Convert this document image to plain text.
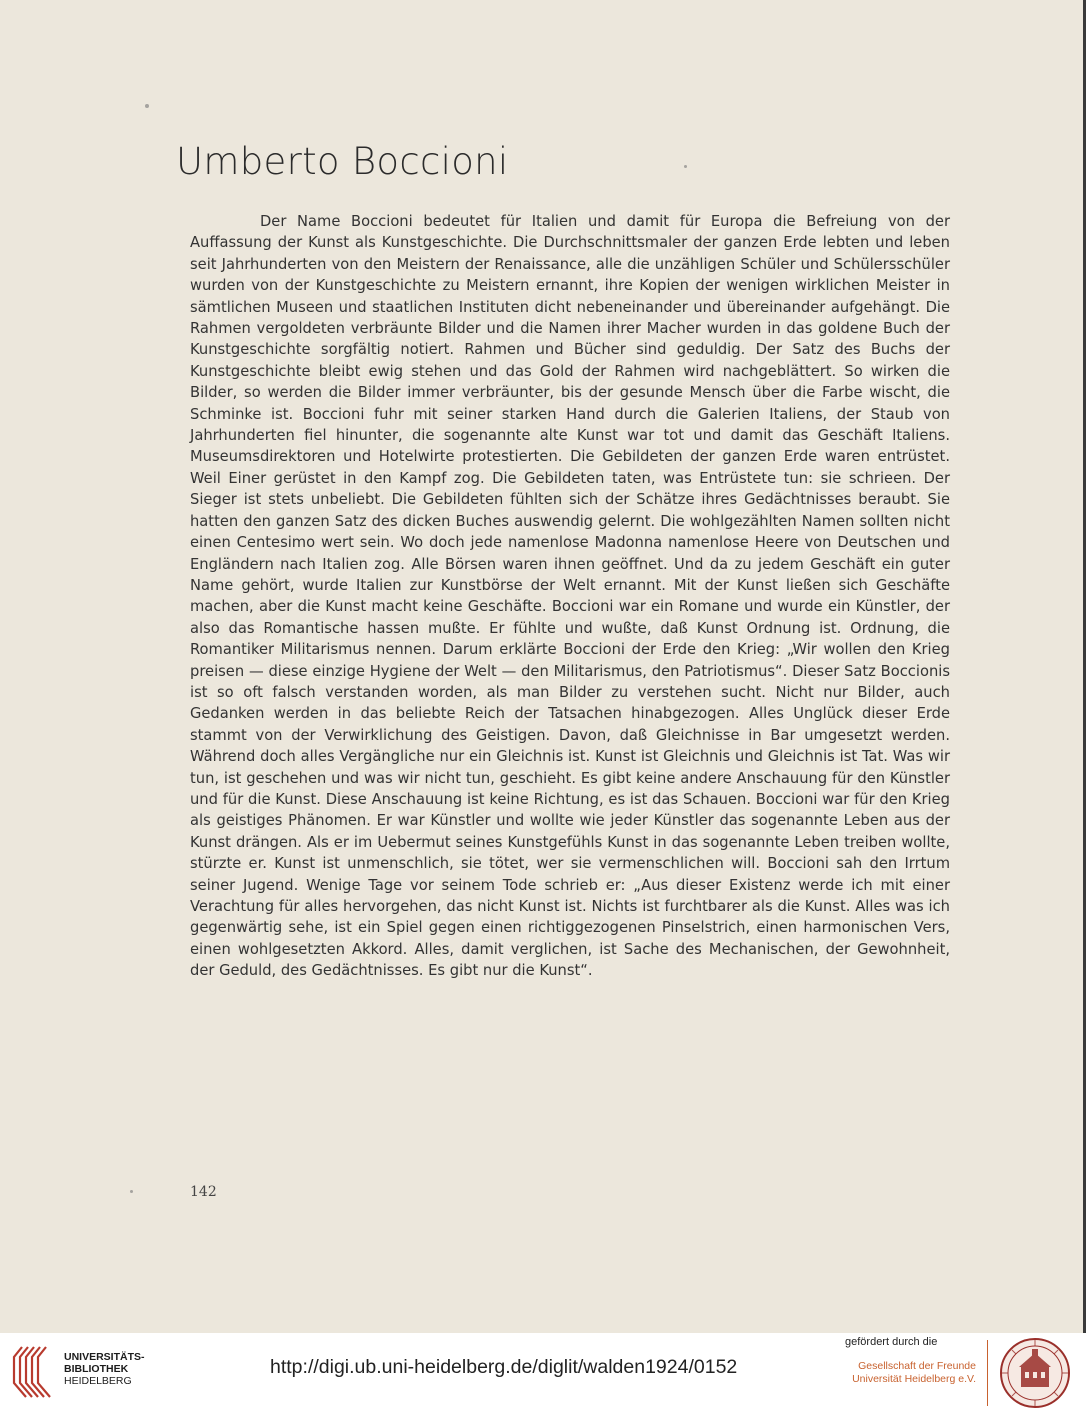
Umberto Boccioni

Der Name Boccioni bedeutet für Italien und damit für Europa die Befreiung von der Auffassung der Kunst als Kunstgeschichte. Die Durchschnittsmaler der ganzen Erde lebten und leben seit Jahrhunderten von den Meistern der Renaissance, alle die unzähligen Schüler und Schülersschüler wurden von der Kunstgeschichte zu Meistern ernannt, ihre Kopien der wenigen wirklichen Meister in sämtlichen Museen und staatlichen Instituten dicht nebeneinander und übereinander aufgehängt. Die Rahmen vergoldeten verbräunte Bilder und die Namen ihrer Macher wurden in das goldene Buch der Kunstgeschichte sorgfältig notiert. Rahmen und Bücher sind geduldig. Der Satz des Buchs der Kunstgeschichte bleibt ewig stehen und das Gold der Rahmen wird nachgeblättert. So wirken die Bilder, so werden die Bilder immer verbräunter, bis der gesunde Mensch über die Farbe wischt, die Schminke ist. Boccioni fuhr mit seiner starken Hand durch die Galerien Italiens, der Staub von Jahrhunderten fiel hinunter, die sogenannte alte Kunst war tot und damit das Geschäft Italiens. Museumsdirektoren und Hotelwirte protestierten. Die Gebildeten der ganzen Erde waren entrüstet. Weil Einer gerüstet in den Kampf zog. Die Gebildeten taten, was Entrüstete tun: sie schrieen. Der Sieger ist stets unbeliebt. Die Gebildeten fühlten sich der Schätze ihres Gedächtnisses beraubt. Sie hatten den ganzen Satz des dicken Buches auswendig gelernt. Die wohlgezählten Namen sollten nicht einen Centesimo wert sein. Wo doch jede namenlose Madonna namenlose Heere von Deutschen und Engländern nach Italien zog. Alle Börsen waren ihnen geöffnet. Und da zu jedem Geschäft ein guter Name gehört, wurde Italien zur Kunstbörse der Welt ernannt. Mit der Kunst ließen sich Geschäfte machen, aber die Kunst macht keine Geschäfte. Boccioni war ein Romane und wurde ein Künstler, der also das Romantische hassen mußte. Er fühlte und wußte, daß Kunst Ordnung ist. Ordnung, die Romantiker Militarismus nennen. Darum erklärte Boccioni der Erde den Krieg: „Wir wollen den Krieg preisen — diese einzige Hygiene der Welt — den Militarismus, den Patriotismus“. Dieser Satz Boccionis ist so oft falsch verstanden worden, als man Bilder zu verstehen sucht. Nicht nur Bilder, auch Gedanken werden in das beliebte Reich der Tatsachen hinabgezogen. Alles Unglück dieser Erde stammt von der Verwirklichung des Geistigen. Davon, daß Gleichnisse in Bar umgesetzt werden. Während doch alles Vergängliche nur ein Gleichnis ist. Kunst ist Gleichnis und Gleichnis ist Tat. Was wir tun, ist geschehen und was wir nicht tun, geschieht. Es gibt keine andere Anschauung für den Künstler und für die Kunst. Diese Anschauung ist keine Richtung, es ist das Schauen. Boccioni war für den Krieg als geistiges Phänomen. Er war Künstler und wollte wie jeder Künstler das sogenannte Leben aus der Kunst drängen. Als er im Uebermut seines Kunstgefühls Kunst in das sogenannte Leben treiben wollte, stürzte er. Kunst ist unmenschlich, sie tötet, wer sie vermenschlichen will. Boccioni sah den Irrtum seiner Jugend. Wenige Tage vor seinem Tode schrieb er: „Aus dieser Existenz werde ich mit einer Verachtung für alles hervorgehen, das nicht Kunst ist. Nichts ist furchtbarer als die Kunst. Alles was ich gegenwärtig sehe, ist ein Spiel gegen einen richtiggezogenen Pinselstrich, einen harmonischen Vers, einen wohlgesetzten Akkord. Alles, damit verglichen, ist Sache des Mechanischen, der Gewohnheit, der Geduld, des Gedächtnisses. Es gibt nur die Kunst“.

142
UNIVERSITÄTS-
BIBLIOTHEK
HEIDELBERG
http://digi.ub.uni-heidelberg.de/diglit/walden1924/0152
gefördert durch die
Gesellschaft der Freunde
Universität Heidelberg e.V.
